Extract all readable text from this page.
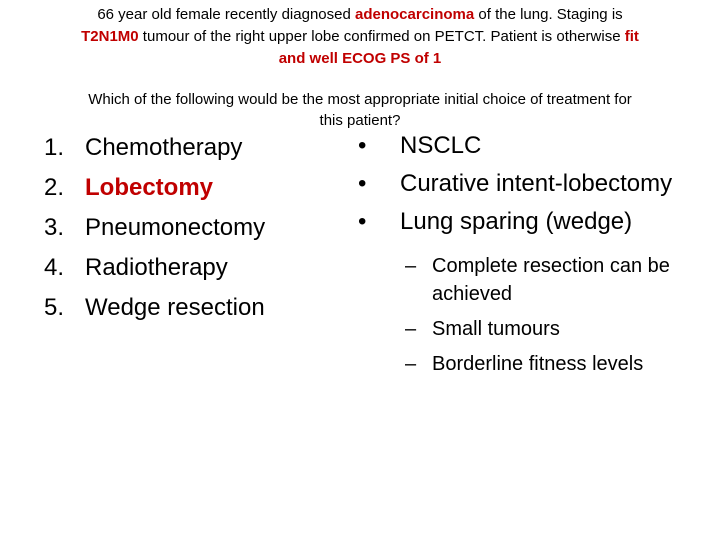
66 year old female recently diagnosed adenocarcinoma of the lung. Staging is
T2N1M0 tumour of the right upper lobe confirmed on PETCT. Patient is otherwise fit
and well ECOG PS of 1
Which of the following would be the most appropriate initial choice of treatment for
this patient?
1. Chemotherapy
2. Lobectomy
3. Pneumonectomy
4. Radiotherapy
5. Wedge resection
• NSCLC
• Curative intent-lobectomy
• Lung sparing (wedge)
– Complete resection can be achieved
– Small tumours
– Borderline fitness levels
